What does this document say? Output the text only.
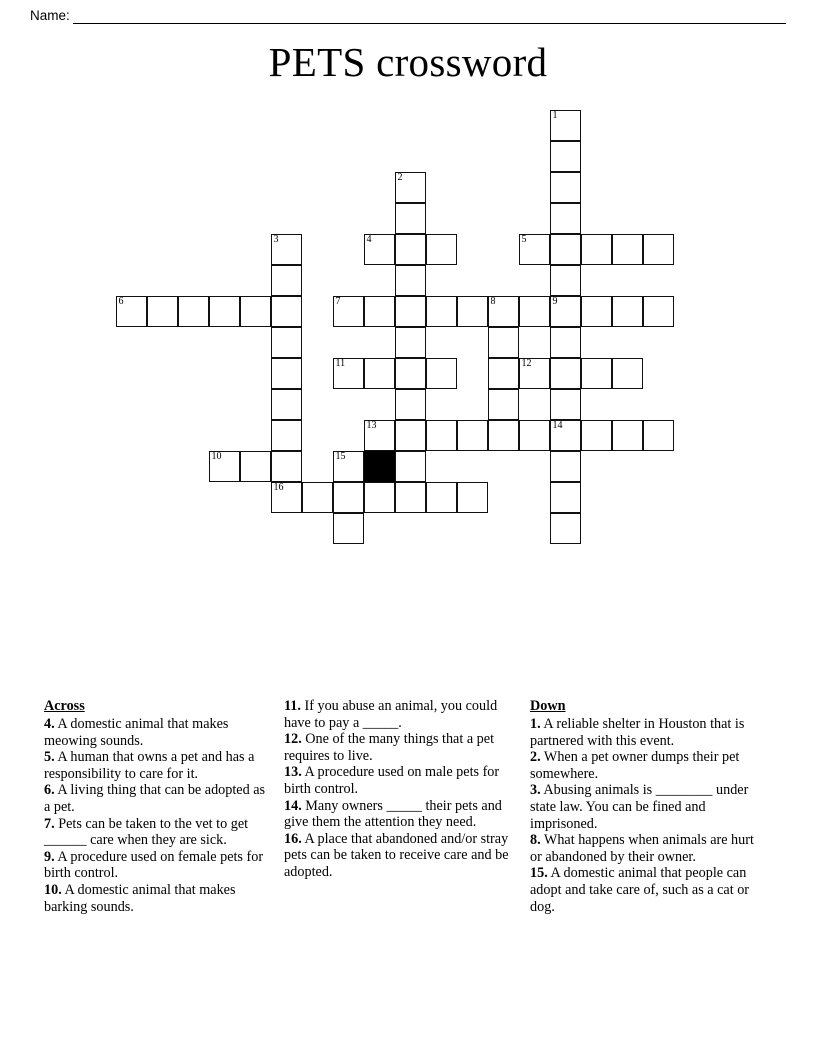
Name:
PETS crossword
6
10
3
16
2
4
7	8
11
13
15
1
5
9
12
14
Across

4. A domestic animal that makes meowing sounds.

5. A human that owns a pet and has a responsibility to care for it.

6. A living thing that can be adopted as a pet.

7. Pets can be taken to the vet to get ______ care when they are sick.

9. A procedure used on female pets for birth control.

10. A domestic animal that makes barking sounds.

11. If you abuse an animal, you could have to pay a _____.

12. One of the many things that a pet requires to live.

13. A procedure used on male pets for birth control.

14. Many owners _____ their pets and give them the attention they need.

16. A place that abandoned and/or stray pets can be taken to receive care and be adopted.

Down

1. A reliable shelter in Houston that is partnered with this event.

2. When a pet owner dumps their pet somewhere.

3. Abusing animals is ________ under state law. You can be fined and imprisoned.

8. What happens when animals are hurt or abandoned by their owner.

15. A domestic animal that people can adopt and take care of, such as a cat or dog.
